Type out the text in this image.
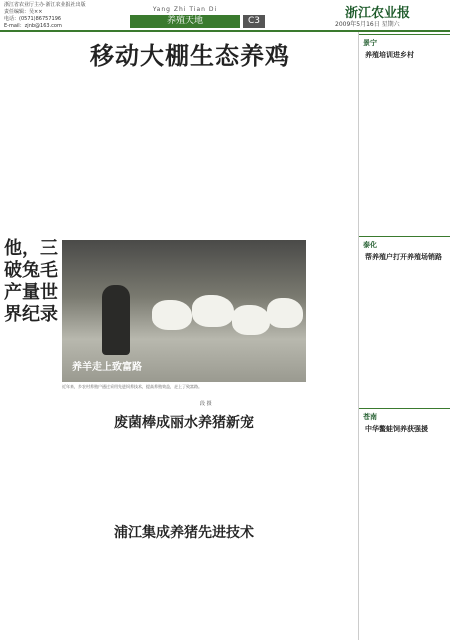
浙江省农业厅主办·浙江农业报社出版
责任编辑：吴××
电话：(0571)86757196
E-mail：zjnb@163.com
Yang Zhi Tian Di
养殖天地	C3	浙江农业报
2009年5月16日 星期六
移动大棚生态养鸡
他，三破兔毛产量世界纪录
养羊走上致富路
近年来，乡农村养殖户通过采用先进饲养技术，提高养殖效益，走上了致富路。
段 摄
废菌棒成丽水养猪新宠
浦江集成养猪先进技术
景宁
养殖培训进乡村
泰化
帮养殖户打开养殖场销路
苍南
中华鳖蛙饲养获强援
